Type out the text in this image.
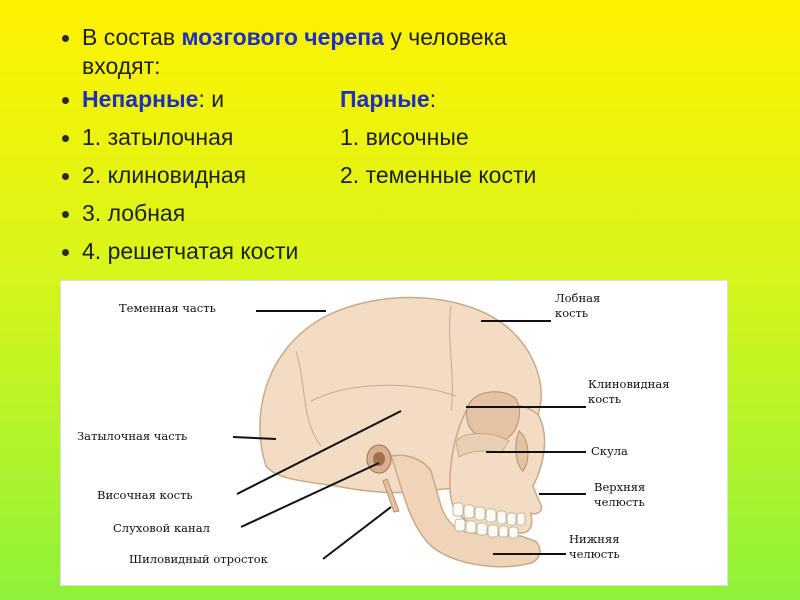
В состав мозгового черепа у человека
входят:
Непарные: и	Парные:
1. затылочная	1. височные
2. клиновидная	2. теменные кости
3. лобная
4. решетчатая кости
Теменная часть
Затылочная часть
Височная кость
Слуховой канал
Шиловидный отросток
Лобная
кость
Клиновидная
кость
Скула
Верхняя
челюсть
Нижняя
челюсть
